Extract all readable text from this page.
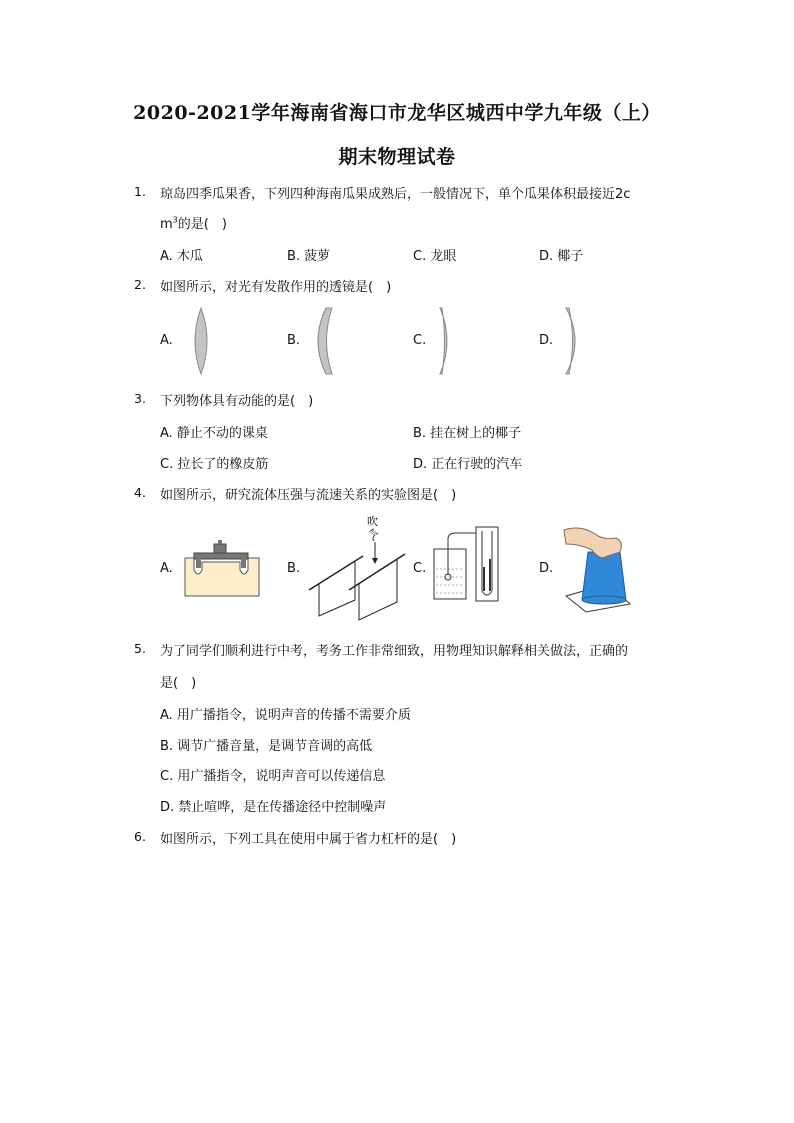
2020-2021学年海南省海口市龙华区城西中学九年级（上）
期末物理试卷
1. 琼岛四季瓜果香，下列四种海南瓜果成熟后，一般情况下，单个瓜果体积最接近2c
$m^3$的是(　)
A. 木瓜	B. 菠萝	C. 龙眼	D. 椰子
2. 如图所示，对光有发散作用的透镜是(　)
A.	B.	C.	D.
3. 下列物体具有动能的是(　)
A. 静止不动的课桌	B. 挂在树上的椰子
C. 拉长了的橡皮筋	D. 正在行驶的汽车
4. 如图所示，研究流体压强与流速关系的实验图是(　)
A.	B.	C.	D.
吹
气
5. 为了同学们顺利进行中考，考务工作非常细致，用物理知识解释相关做法，正确的
是(　)
A. 用广播指令，说明声音的传播不需要介质
B. 调节广播音量，是调节音调的高低
C. 用广播指令，说明声音可以传递信息
D. 禁止喧哗，是在传播途径中控制噪声
6. 如图所示，下列工具在使用中属于省力杠杆的是(　)
